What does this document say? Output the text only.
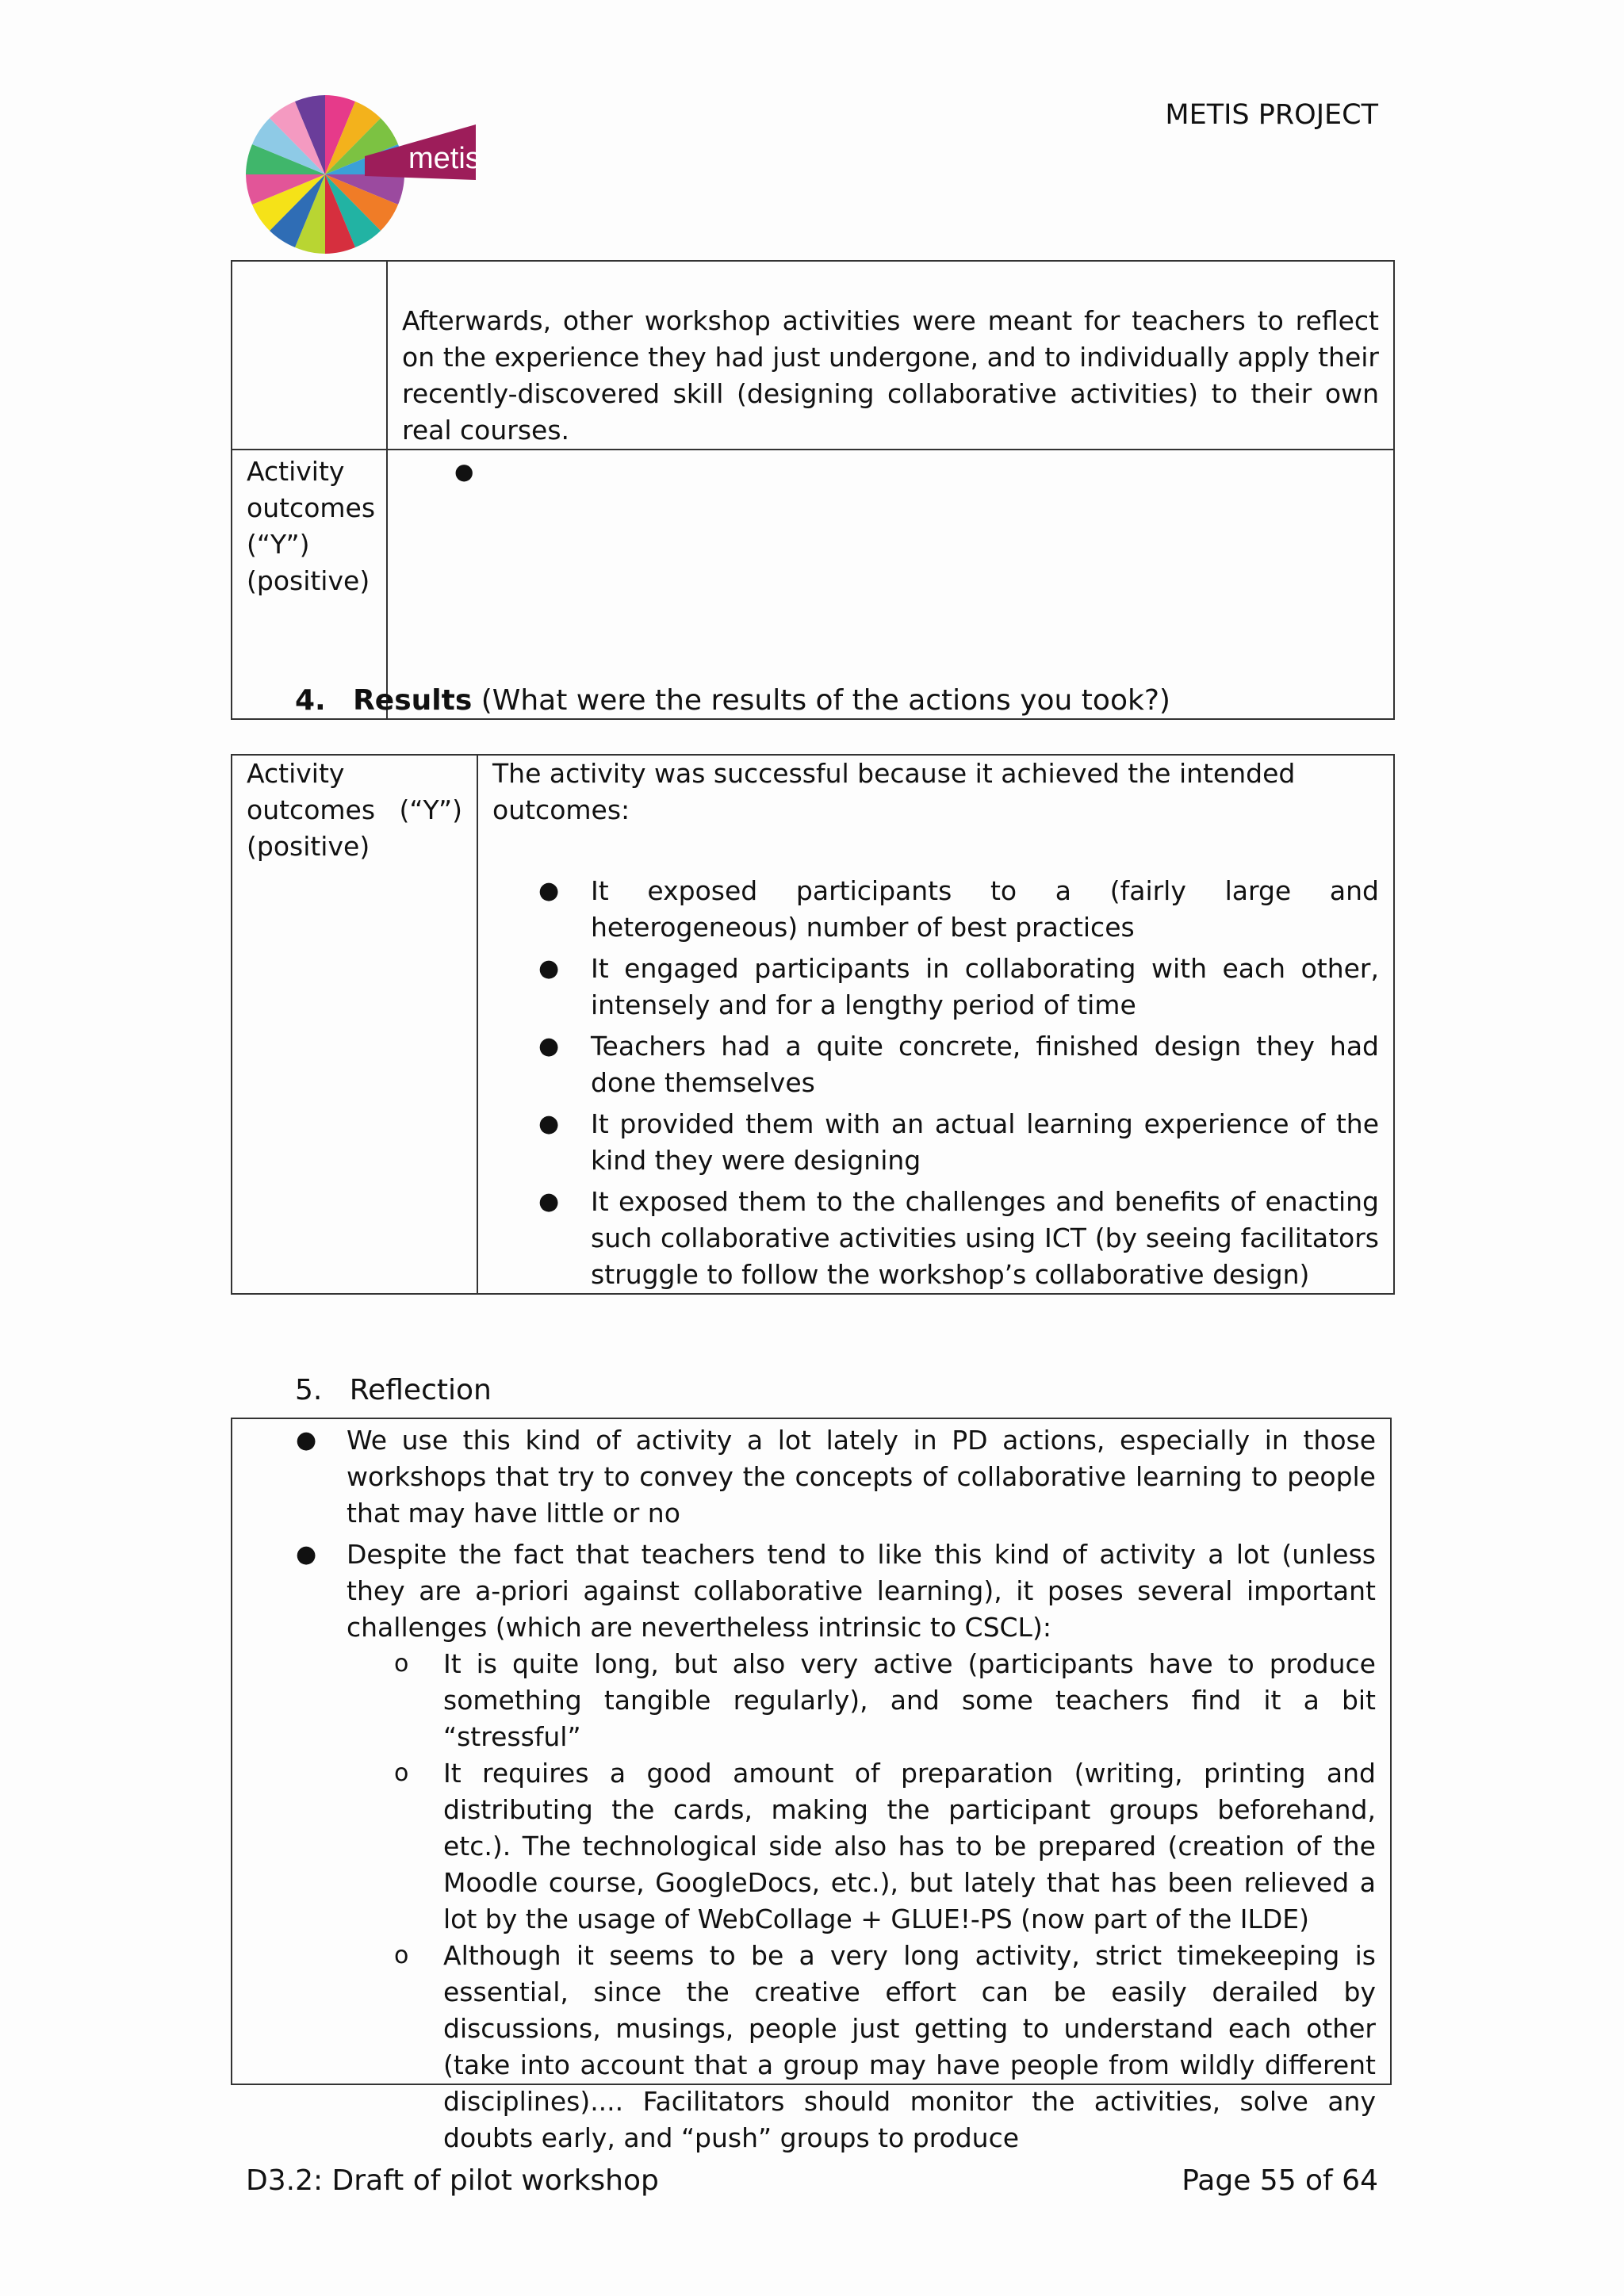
metis
METIS PROJECT
	Afterwards, other workshop activities were meant for teachers to reflect on the experience they had just undergone, and to individually apply their recently-discovered skill (designing collaborative activities) to their own real courses.
Activity outcomes (“Y”) (positive)	●
4. Results (What were the results of the actions you took?)
Activity outcomes (“Y”) (positive)	
The activity was successful because it achieved the intended outcomes:
● It exposed participants to a (fairly large and heterogeneous) number of best practices
● It engaged participants in collaborating with each other, intensely and for a lengthy period of time
● Teachers had a quite concrete, finished design they had done themselves
● It provided them with an actual learning experience of the kind they were designing
● It exposed them to the challenges and benefits of enacting such collaborative activities using ICT (by seeing facilitators struggle to follow the workshop’s collaborative design)
5. Reflection
● We use this kind of activity a lot lately in PD actions, especially in those workshops that try to convey the concepts of collaborative learning to people that may have little or no
● Despite the fact that teachers tend to like this kind of activity a lot (unless they are a-priori against collaborative learning), it poses several important challenges (which are nevertheless intrinsic to CSCL):
o It is quite long, but also very active (participants have to produce something tangible regularly), and some teachers find it a bit “stressful”
o It requires a good amount of preparation (writing, printing and distributing the cards, making the participant groups beforehand, etc.). The technological side also has to be prepared (creation of the Moodle course, GoogleDocs, etc.), but lately that has been relieved a lot by the usage of WebCollage + GLUE!-PS (now part of the ILDE)
o Although it seems to be a very long activity, strict timekeeping is essential, since the creative effort can be easily derailed by discussions, musings, people just getting to understand each other (take into account that a group may have people from wildly different disciplines).... Facilitators should monitor the activities, solve any doubts early, and “push” groups to produce
D3.2: Draft of pilot workshop	Page 55 of 64
